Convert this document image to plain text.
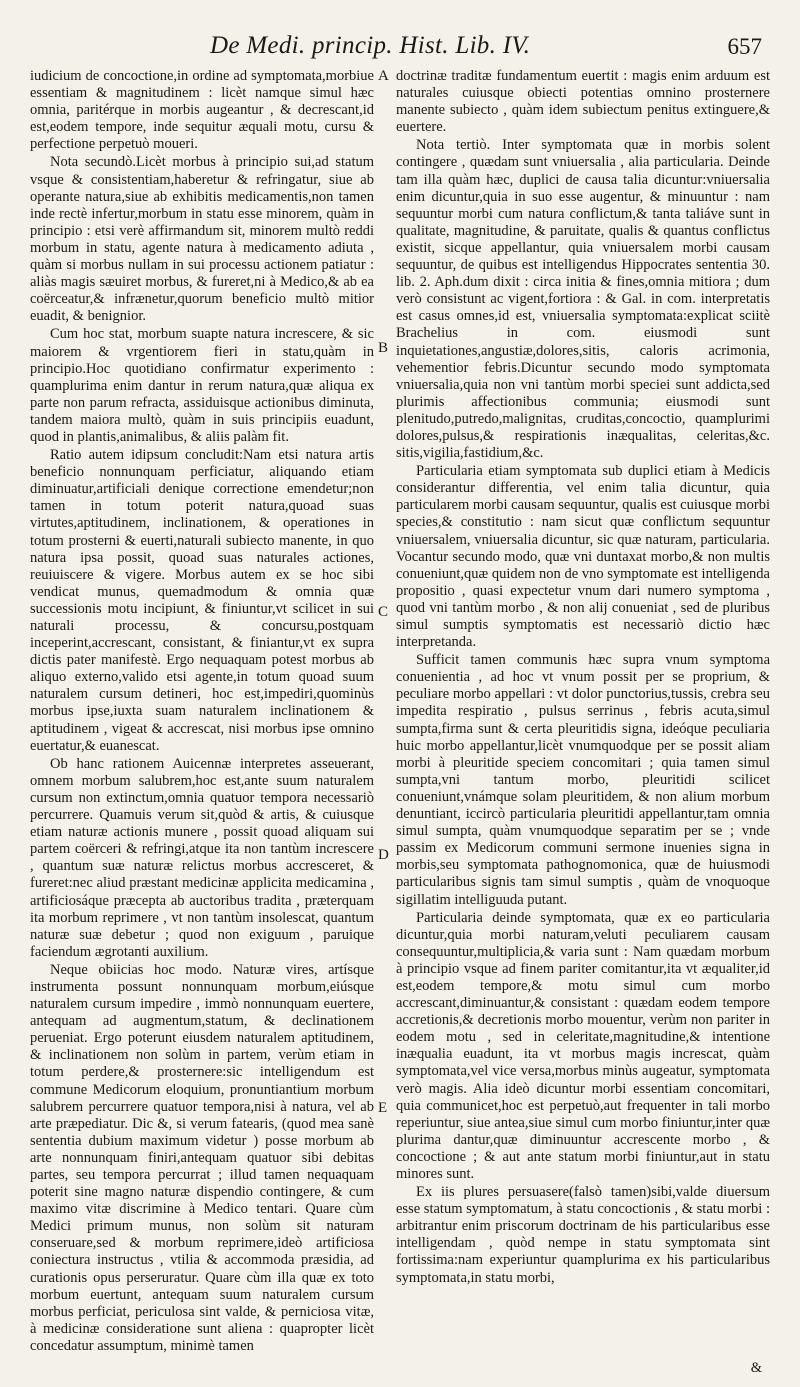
De Medi. princip. Hist. Lib. IV.	657

iudicium de concoctione,in ordine ad symptomata,morbiue essentiam & magnitudinem : licèt namque simul hæc omnia, paritérque in morbis augeantur , & decrescant,id est,eodem tempore, inde sequitur æquali motu, cursu & perfectione perpetuò moueri.

Nota secundò.Licèt morbus à principio sui,ad statum vsque & consistentiam,haberetur & refringatur, siue ab operante natura,siue ab exhibitis medicamentis,non tamen inde rectè infertur,morbum in statu esse minorem, quàm in principio : etsi verè affirmandum sit, minorem multò reddi morbum in statu, agente natura à medicamento adiuta , quàm si morbus nullam in sui processu actionem patiatur : aliàs magis sæuiret morbus, & fureret,ni à Medico,& ab ea coërceatur,& infrænetur,quorum beneficio multò mitior euadit, & benignior.

Cum hoc stat, morbum suapte natura increscere, & sic maiorem & vrgentiorem fieri in statu,quàm in principio.Hoc quotidiano confirmatur experimento : quamplurima enim dantur in rerum natura,quæ aliqua ex parte non parum refracta, assiduisque actionibus diminuta, tandem maiora multò, quàm in suis principiis euadunt, quod in plantis,animalibus, & aliis palàm fit.

Ratio autem idipsum concludit:Nam etsi natura artis beneficio nonnunquam perficiatur, aliquando etiam diminuatur,artificiali denique correctione emendetur;non tamen in totum poterit natura,quoad suas virtutes,aptitudinem, inclinationem, & operationes in totum prosterni & euerti,naturali subiecto manente, in quo natura ipsa possit, quoad suas naturales actiones, reuiuiscere & vigere. Morbus autem ex se hoc sibi vendicat munus, quemadmodum & omnia quæ successionis motu incipiunt, & finiuntur,vt scilicet in sui naturali processu, & concursu,postquam inceperint,accrescant, consistant, & finiantur,vt ex supra dictis pater manifestè. Ergo nequaquam potest morbus ab aliquo externo,valido etsi agente,in totum quoad suum naturalem cursum detineri, hoc est,impediri,quominùs morbus ipse,iuxta suam naturalem inclinationem & aptitudinem , vigeat & accrescat, nisi morbus ipse omnino euertatur,& euanescat.

Ob hanc rationem Auicennæ interpretes asseuerant, omnem morbum salubrem,hoc est,ante suum naturalem cursum non extinctum,omnia quatuor tempora necessariò percurrere. Quamuis verum sit,quòd & artis, & cuiusque etiam naturæ actionis munere , possit quoad aliquam sui partem coërceri & refringi,atque ita non tantùm increscere , quantum suæ naturæ relictus morbus accresceret, & fureret:nec aliud præstant medicinæ applicita medicamina , artificiosáque præcepta ab auctoribus tradita , præterquam ita morbum reprimere , vt non tantùm insolescat, quantum naturæ suæ debetur ; quod non exiguum , paruique faciendum ægrotanti auxilium.

Neque obiicias hoc modo. Naturæ vires, artísque instrumenta possunt nonnunquam morbum,eiúsque naturalem cursum impedire , immò nonnunquam euertere, antequam ad augmentum,statum, & declinationem perueniat. Ergo poterunt eiusdem naturalem aptitudinem, & inclinationem non solùm in partem, verùm etiam in totum perdere,& prosternere:sic intelligendum est commune Medicorum eloquium, pronuntiantium morbum salubrem percurrere quatuor tempora,nisi à natura, vel ab arte præpediatur. Dic &, si verum fatearis, (quod mea sanè sententia dubium maximum videtur ) posse morbum ab arte nonnunquam finiri,antequam quatuor sibi debitas partes, seu tempora percurrat ; illud tamen nequaquam poterit sine magno naturæ dispendio contingere, & cum maximo vitæ discrimine à Medico tentari. Quare cùm Medici primum munus, non solùm sit naturam conseruare,sed & morbum reprimere,ideò artificiosa coniectura instructus , vtilia & accommoda præsidia, ad curationis opus perseruratur. Quare cùm illa quæ ex toto morbum euertunt, antequam suum naturalem cursum morbus perficiat, periculosa sint valde, & perniciosa vitæ, à medicinæ consideratione sunt aliena : quapropter licèt concedatur assumptum, minimè tamen

A
B
C
D
E

doctrinæ traditæ fundamentum euertit : magis enim arduum est naturales cuiusque obiecti potentias omnino prosternere manente subiecto , quàm idem subiectum penitus extinguere,& euertere.

Nota tertiò. Inter symptomata quæ in morbis solent contingere , quædam sunt vniuersalia , alia particularia. Deinde tam illa quàm hæc, duplici de causa talia dicuntur:vniuersalia enim dicuntur,quia in suo esse augentur, & minuuntur : nam sequuntur morbi cum natura conflictum,& tanta taliáve sunt in qualitate, magnitudine, & paruitate, qualis & quantus conflictus existit, sicque appellantur, quia vniuersalem morbi causam sequuntur, de quibus est intelligendus Hippocrates sententia 30. lib. 2. Aph.dum dixit : circa initia & fines,omnia mitiora ; dum verò consistunt ac vigent,fortiora : & Gal. in com. interpretatis est casus omnes,id est, vniuersalia symptomata:explicat sciitè Brachelius in com. eiusmodi sunt inquietationes,angustiæ,dolores,sitis, caloris acrimonia, vehementior febris.Dicuntur secundo modo symptomata vniuersalia,quia non vni tantùm morbi speciei sunt addicta,sed plurimis affectionibus communia; eiusmodi sunt plenitudo,putredo,malignitas, cruditas,concoctio, quamplurimi dolores,pulsus,& respirationis inæqualitas, celeritas,&c. sitis,vigilia,fastidium,&c.

Particularia etiam symptomata sub duplici etiam à Medicis considerantur differentia, vel enim talia dicuntur, quia particularem morbi causam sequuntur, qualis est cuiusque morbi species,& constitutio : nam sicut quæ conflictum sequuntur vniuersalem, vniuersalia dicuntur, sic quæ naturam, particularia. Vocantur secundo modo, quæ vni duntaxat morbo,& non multis conueniunt,quæ quidem non de vno symptomate est intelligenda propositio , quasi expectetur vnum dari numero symptoma , quod vni tantùm morbo , & non alij conueniat , sed de pluribus simul sumptis symptomatis est necessariò dictio hæc interpretanda.

Sufficit tamen communis hæc supra vnum symptoma conuenientia , ad hoc vt vnum possit per se proprium, & peculiare morbo appellari : vt dolor punctorius,tussis, crebra seu impedita respiratio , pulsus serrinus , febris acuta,simul sumpta,firma sunt & certa pleuritidis signa, ideóque peculiaria huic morbo appellantur,licèt vnumquodque per se possit aliam morbi à pleuritide speciem concomitari ; quia tamen simul sumpta,vni tantum morbo, pleuritidi scilicet conueniunt,vnámque solam pleuritidem, & non alium morbum denuntiant, iccircò particularia pleuritidi appellantur,tam omnia simul sumpta, quàm vnumquodque separatim per se ; vnde passim ex Medicorum communi sermone inuenies signa in morbis,seu symptomata pathognomonica, quæ de huiusmodi particularibus signis tam simul sumptis , quàm de vnoquoque sigillatim intelliguuda putant.

Particularia deinde symptomata, quæ ex eo particularia dicuntur,quia morbi naturam,veluti peculiarem causam consequuntur,multiplicia,& varia sunt : Nam quædam morbum à principio vsque ad finem pariter comitantur,ita vt æqualiter,id est,eodem tempore,& motu simul cum morbo accrescant,diminuantur,& consistant : quædam eodem tempore accretionis,& decretionis morbo mouentur, verùm non pariter in eodem motu , sed in celeritate,magnitudine,& intentione inæqualia euadunt, ita vt morbus magis increscat, quàm symptomata,vel vice versa,morbus minùs augeatur, symptomata verò magis. Alia ideò dicuntur morbi essentiam concomitari, quia communicet,hoc est perpetuò,aut frequenter in tali morbo reperiuntur, siue antea,siue simul cum morbo finiuntur,inter quæ plurima dantur,quæ diminuuntur accrescente morbo , & concoctione ; & aut ante statum morbi finiuntur,aut in statu minores sunt.

Ex iis plures persuasere(falsò tamen)sibi,valde diuersum esse statum symptomatum, à statu concoctionis , & statu morbi : arbitrantur enim priscorum doctrinam de his particularibus esse intelligendam , quòd nempe in statu symptomata sint fortissima:nam experiuntur quamplurima ex his particularibus symptomata,in statu morbi,

&
